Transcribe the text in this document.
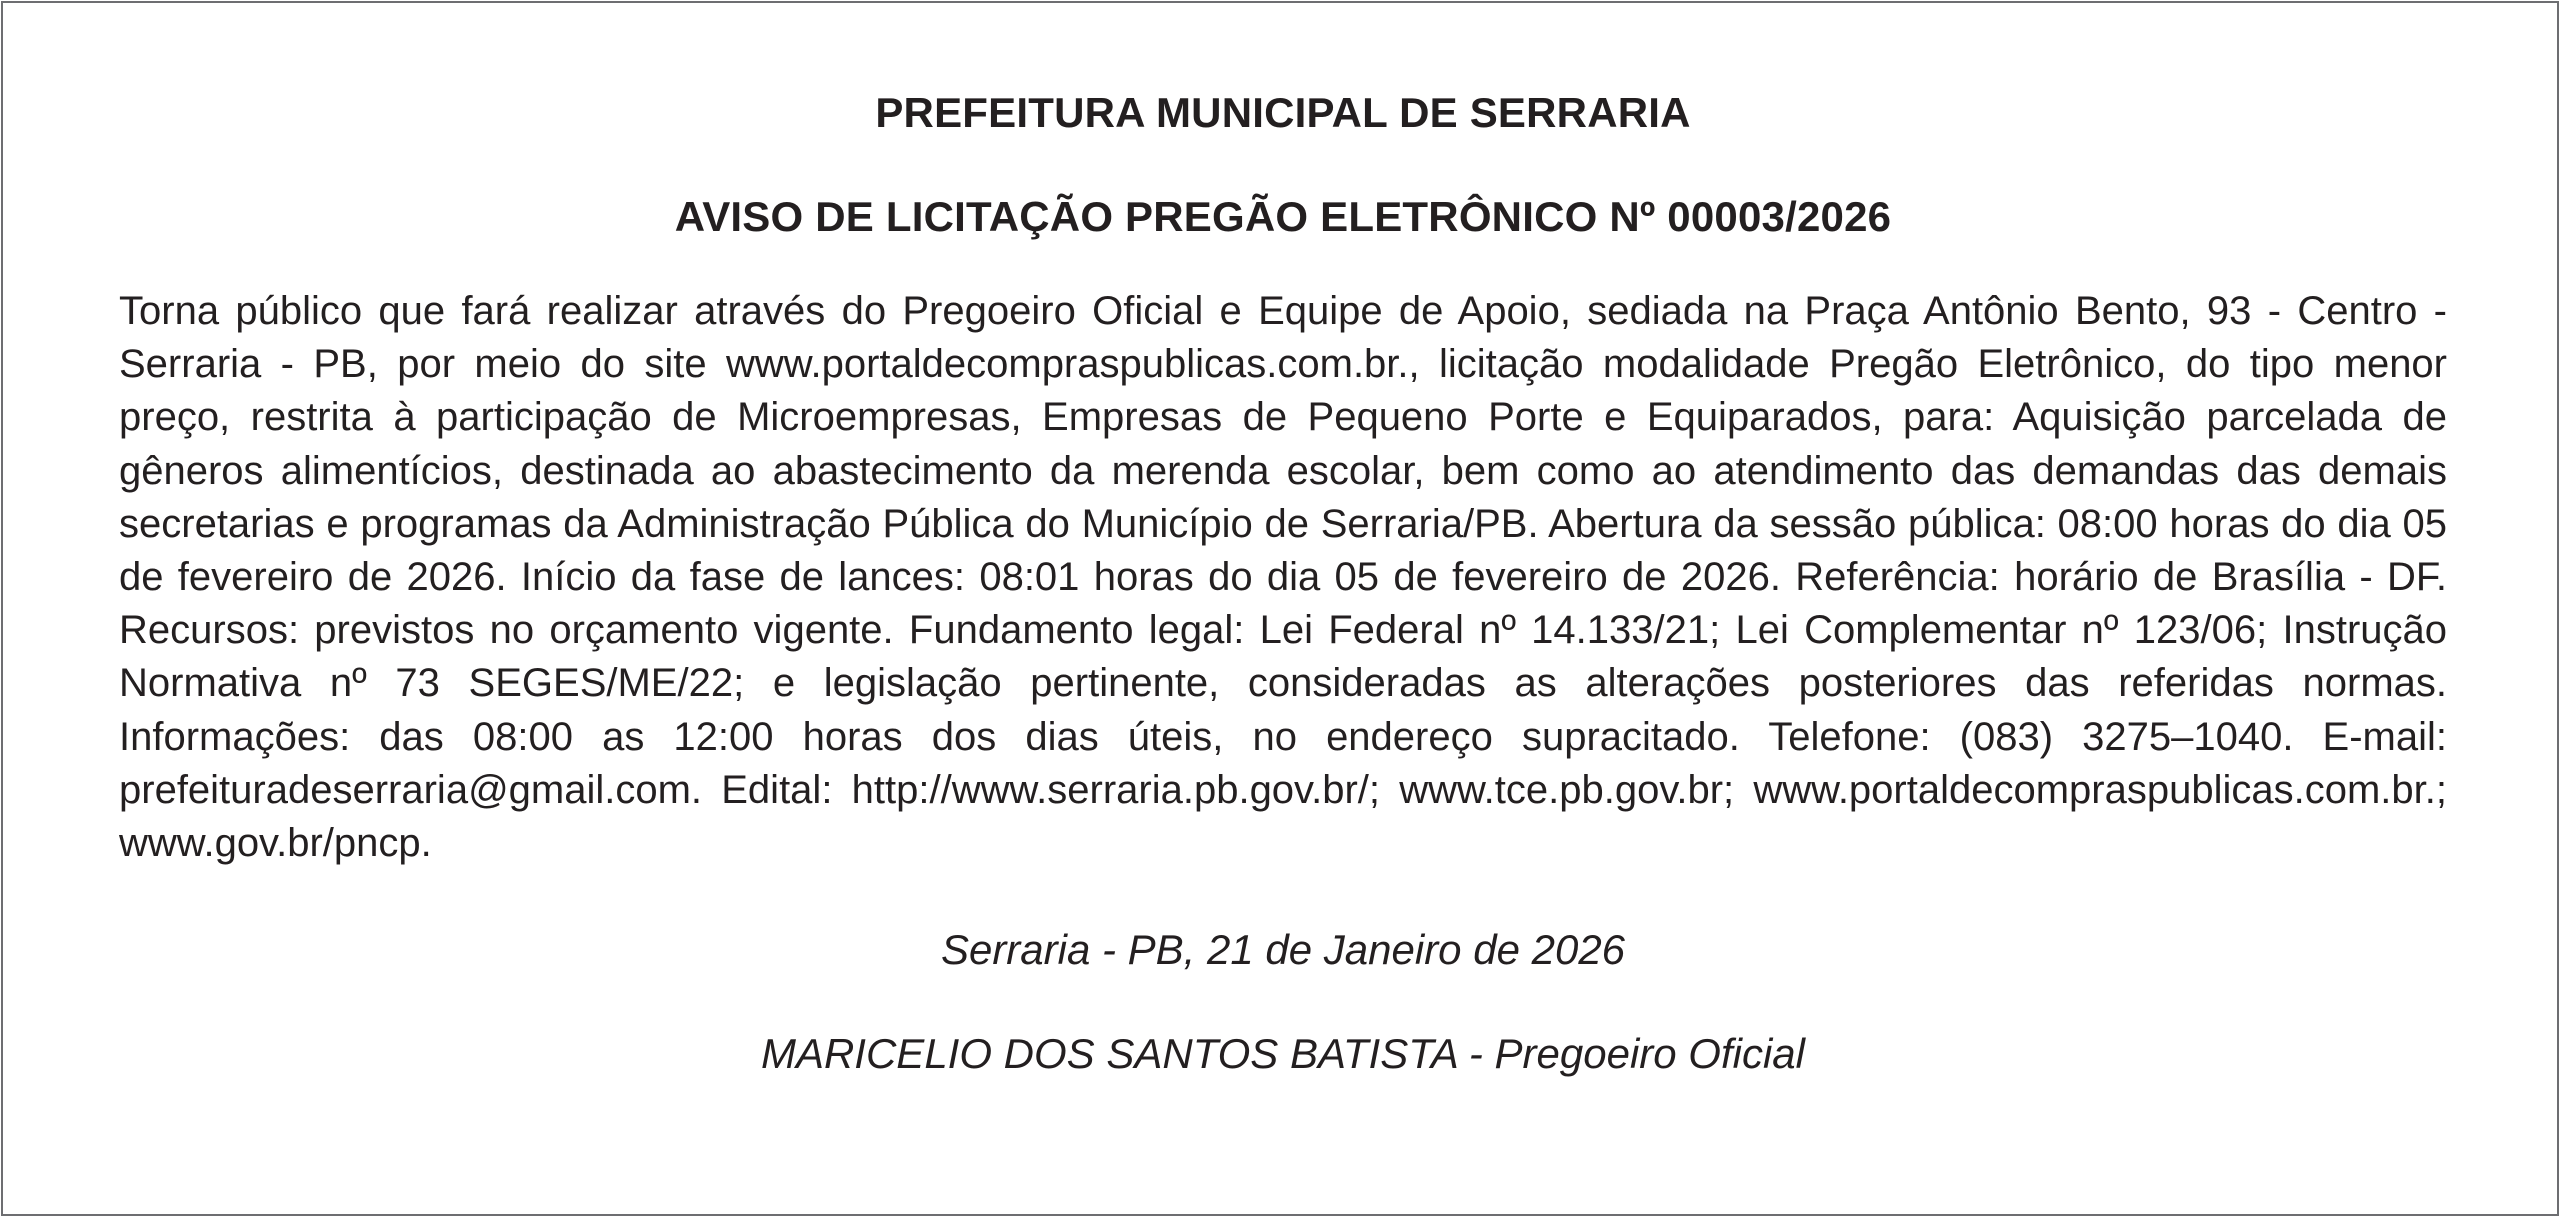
PREFEITURA MUNICIPAL DE SERRARIA
AVISO DE LICITAÇÃO PREGÃO ELETRÔNICO Nº 00003/2026

Torna público que fará realizar através do Pregoeiro Oficial e Equipe de Apoio, sediada na Praça Antônio Bento, 93 - Centro - Serraria - PB, por meio do site www.portaldecompraspublicas.com.br., licitação modalidade Pregão Eletrônico, do tipo menor preço, restrita à participação de Microempresas, Empresas de Pequeno Porte e Equiparados, para: Aquisição parcelada de gêneros alimentícios, destinada ao abastecimento da merenda escolar, bem como ao atendimento das demandas das demais secretarias e programas da Administração Pública do Município de Serraria/PB. Abertura da sessão pública: 08:00 horas do dia 05 de fevereiro de 2026. Início da fase de lances: 08:01 horas do dia 05 de fevereiro de 2026. Referência: horário de Brasília - DF. Recursos: previstos no orçamento vigente. Fundamento legal: Lei Federal nº 14.133/21; Lei Complementar nº 123/06; Instrução Normativa nº 73 SEGES/ME/22; e legislação pertinente, consideradas as alterações posteriores das referidas normas. Informações: das 08:00 as 12:00 horas dos dias úteis, no endereço supracitado. Telefone: (083) 3275–1040. E-mail: prefeituradeserraria@gmail.com. Edital: http://www.serraria.pb.gov.br/; www.tce.pb.gov.br; www.portaldecompraspublicas.com.br.; www.gov.br/pncp.

Serraria - PB, 21 de Janeiro de 2026

MARICELIO DOS SANTOS BATISTA - Pregoeiro Oficial
